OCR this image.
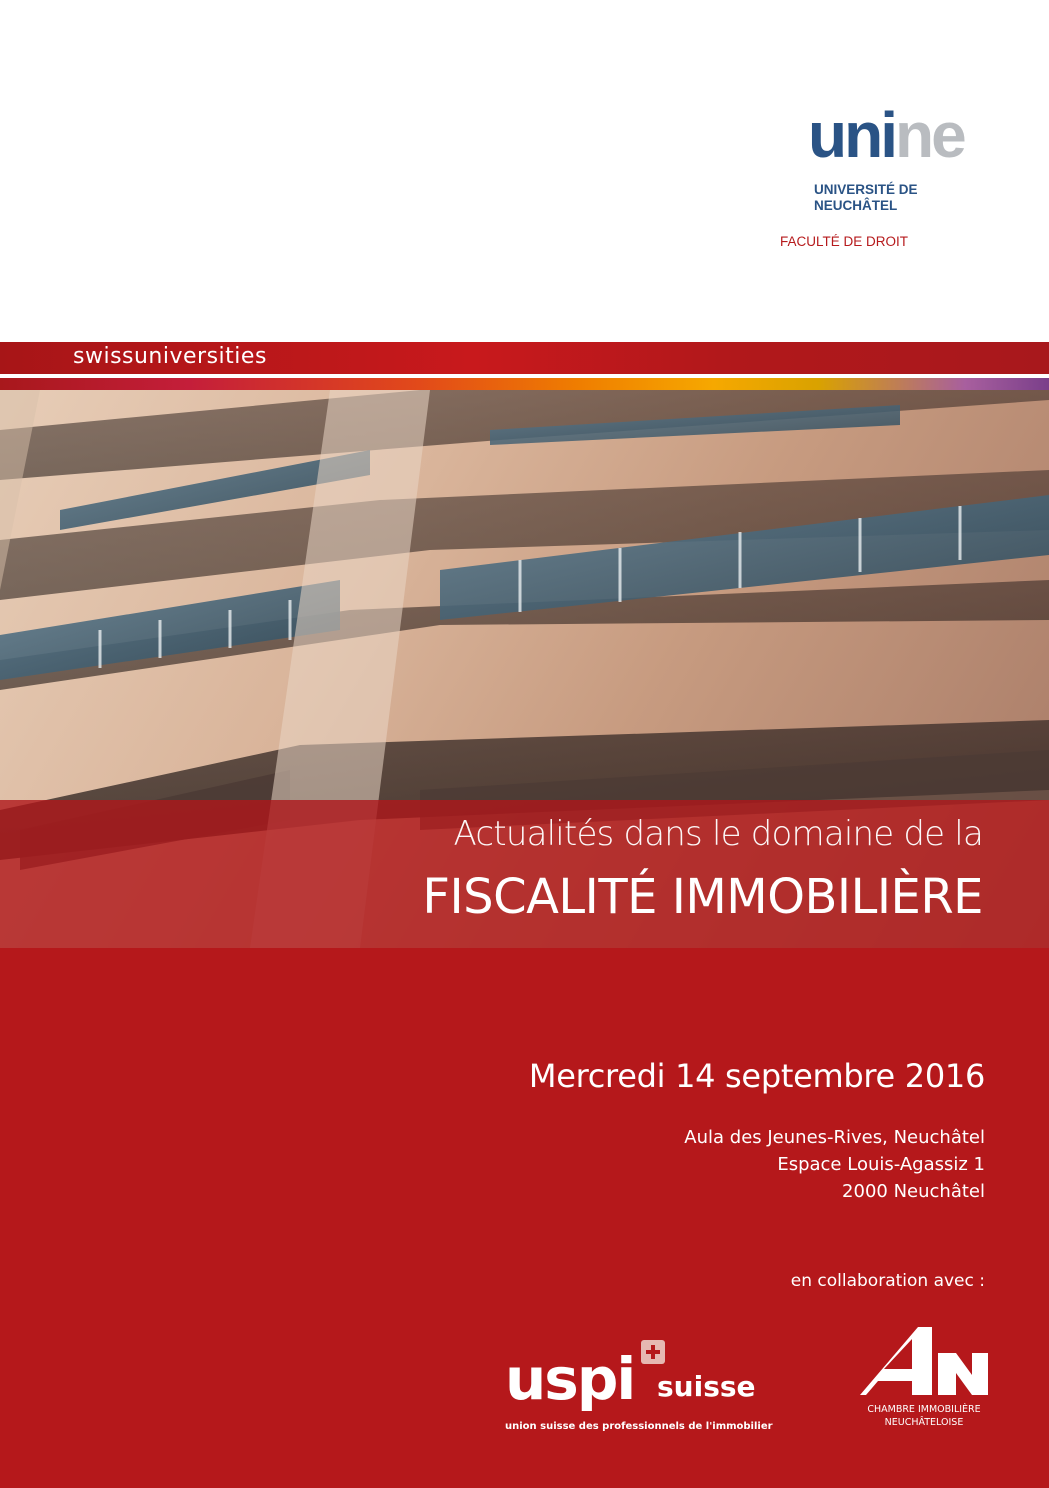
unine
UNIVERSITÉ DE
NEUCHÂTEL
FACULTÉ DE DROIT
swissuniversities
Actualités dans le domaine de la
FISCALITÉ IMMOBILIÈRE
Mercredi 14 septembre 2016
Aula des Jeunes-Rives, Neuchâtel
Espace Louis-Agassiz 1
2000 Neuchâtel
en collaboration avec :
uspi suisse
union suisse des professionnels de l'immobilier
CHAMBRE IMMOBILIÈRE
NEUCHÂTELOISE
